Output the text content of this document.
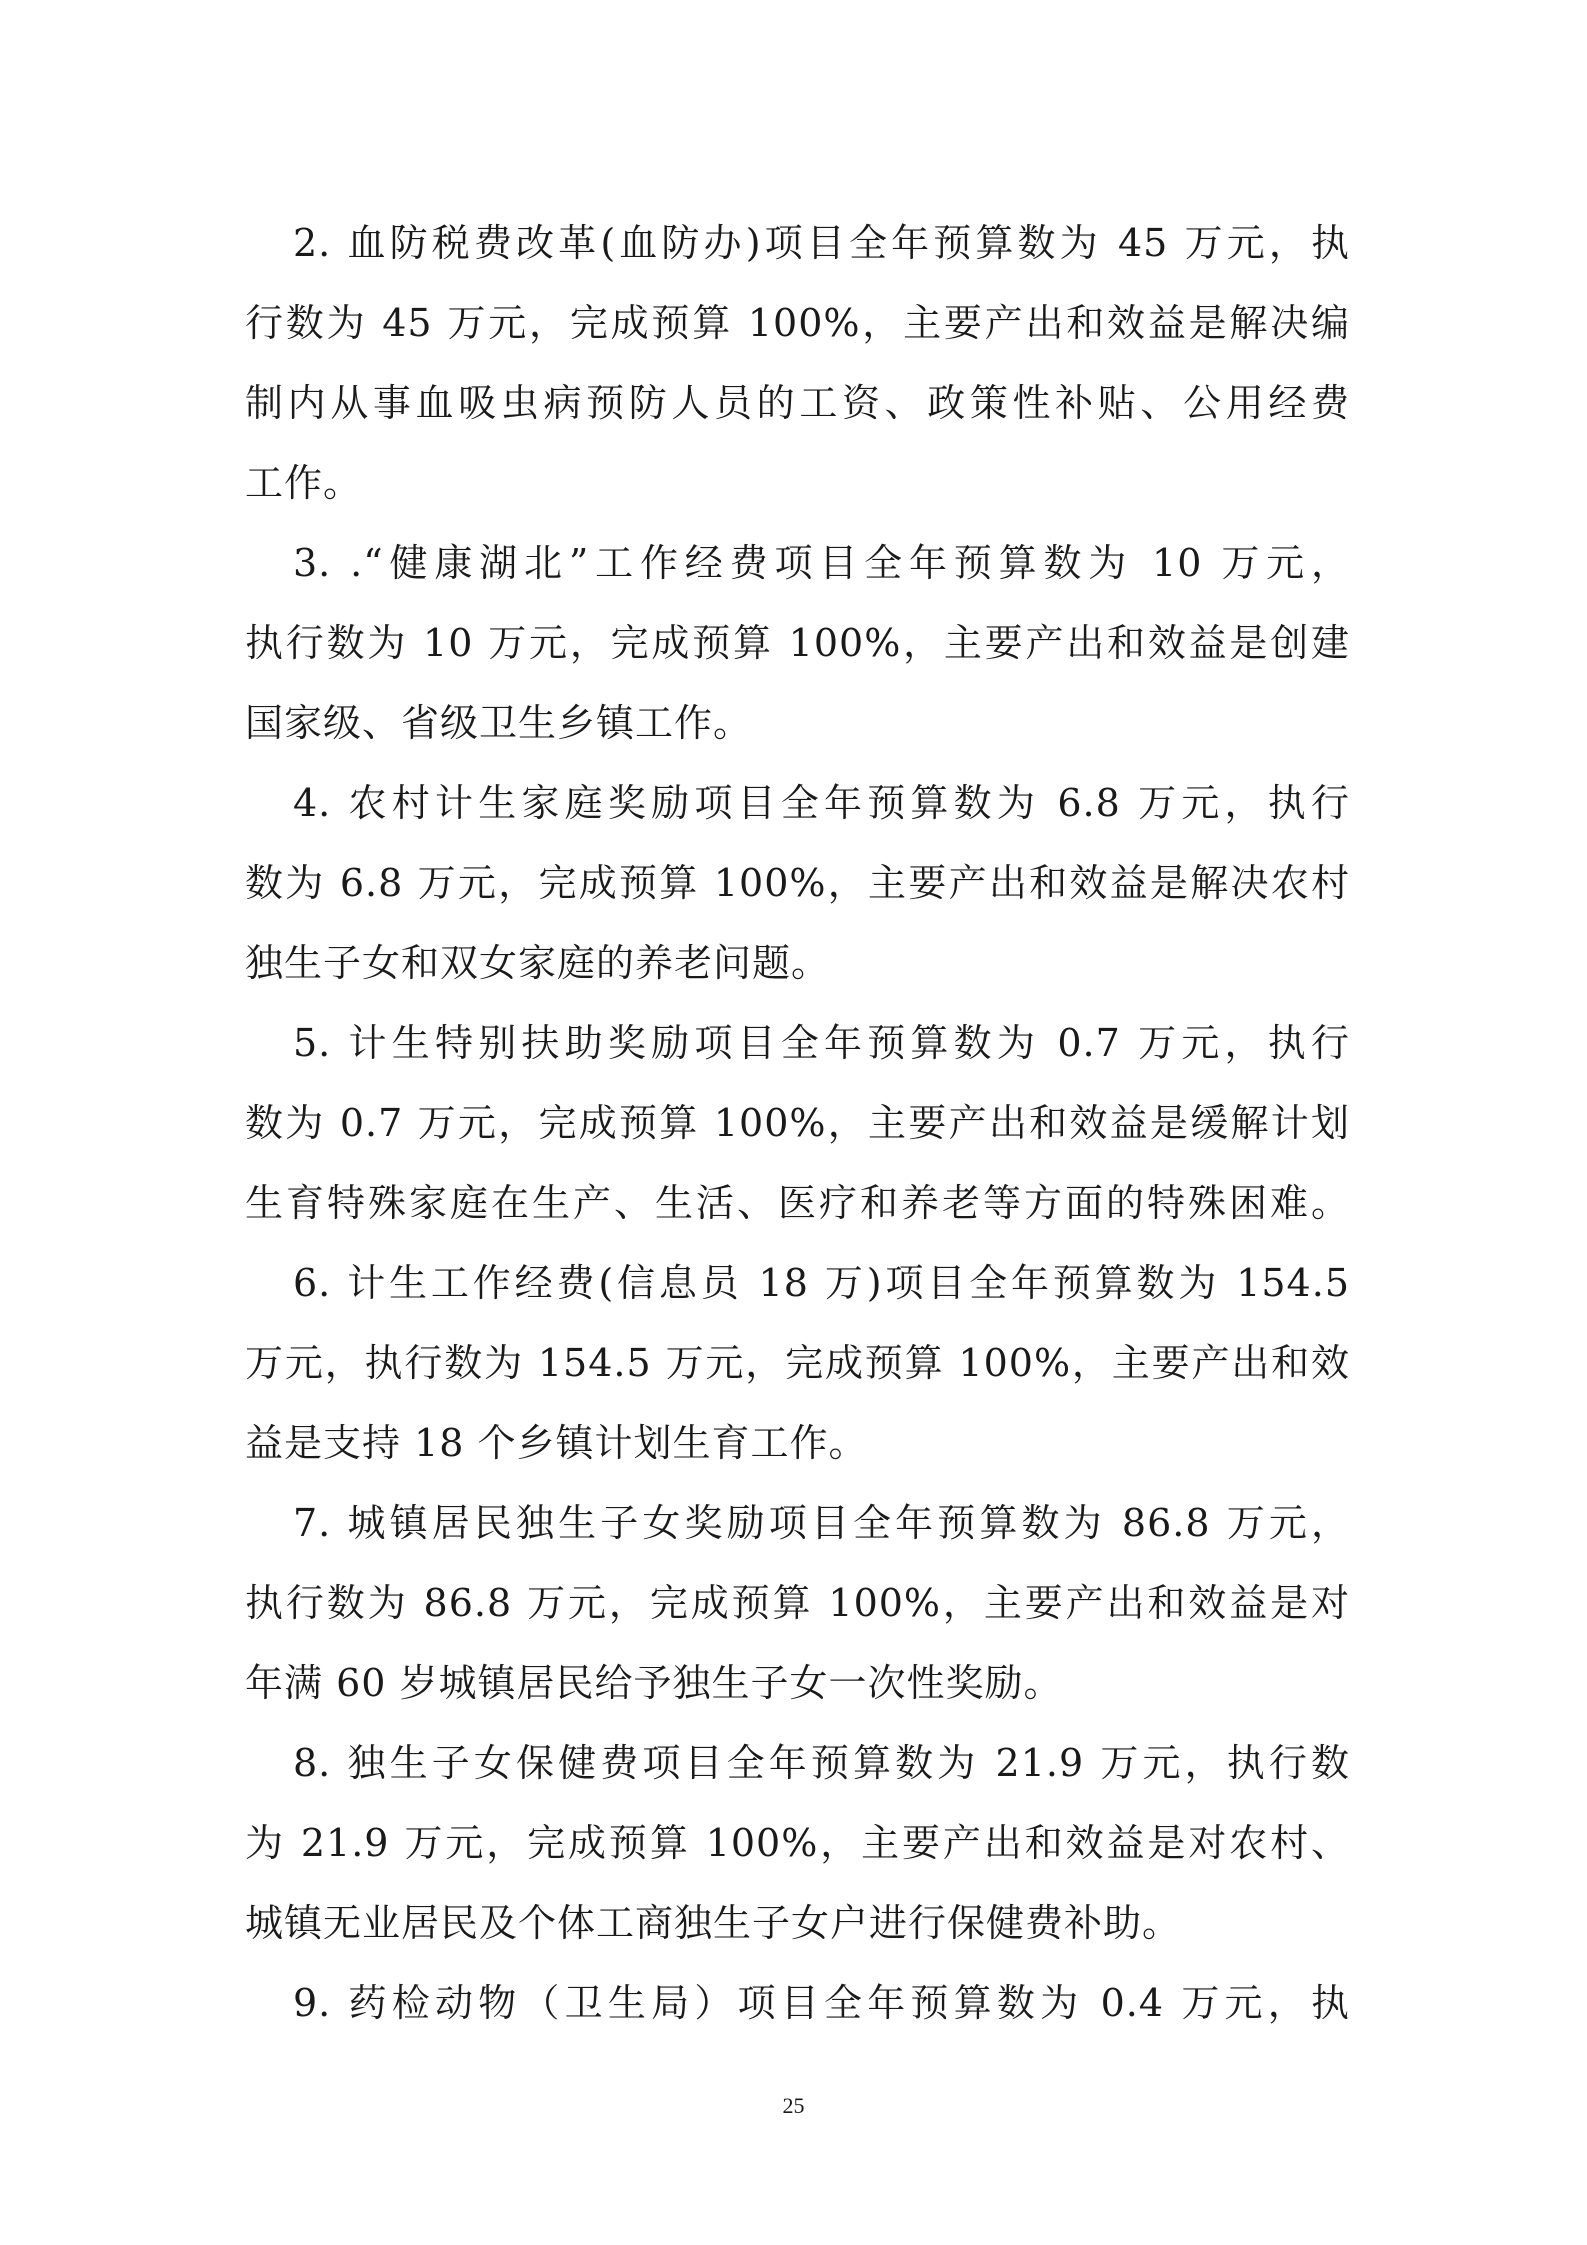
2. 血防税费改革(血防办)项目全年预算数为 45 万元，执
行数为 45 万元，完成预算 100%，主要产出和效益是解决编
制内从事血吸虫病预防人员的工资、政策性补贴、公用经费
工作。
3. .“健康湖北”工作经费项目全年预算数为 10 万元，
执行数为 10 万元，完成预算 100%，主要产出和效益是创建
国家级、省级卫生乡镇工作。
4. 农村计生家庭奖励项目全年预算数为 6.8 万元，执行
数为 6.8 万元，完成预算 100%，主要产出和效益是解决农村
独生子女和双女家庭的养老问题。
5. 计生特别扶助奖励项目全年预算数为 0.7 万元，执行
数为 0.7 万元，完成预算 100%，主要产出和效益是缓解计划
生育特殊家庭在生产、生活、医疗和养老等方面的特殊困难。
6. 计生工作经费(信息员 18 万)项目全年预算数为 154.5
万元，执行数为 154.5 万元，完成预算 100%，主要产出和效
益是支持 18 个乡镇计划生育工作。
7. 城镇居民独生子女奖励项目全年预算数为 86.8 万元，
执行数为 86.8 万元，完成预算 100%，主要产出和效益是对
年满 60 岁城镇居民给予独生子女一次性奖励。
8. 独生子女保健费项目全年预算数为 21.9 万元，执行数
为 21.9 万元，完成预算 100%，主要产出和效益是对农村、
城镇无业居民及个体工商独生子女户进行保健费补助。
9. 药检动物（卫生局）项目全年预算数为 0.4 万元，执
25
